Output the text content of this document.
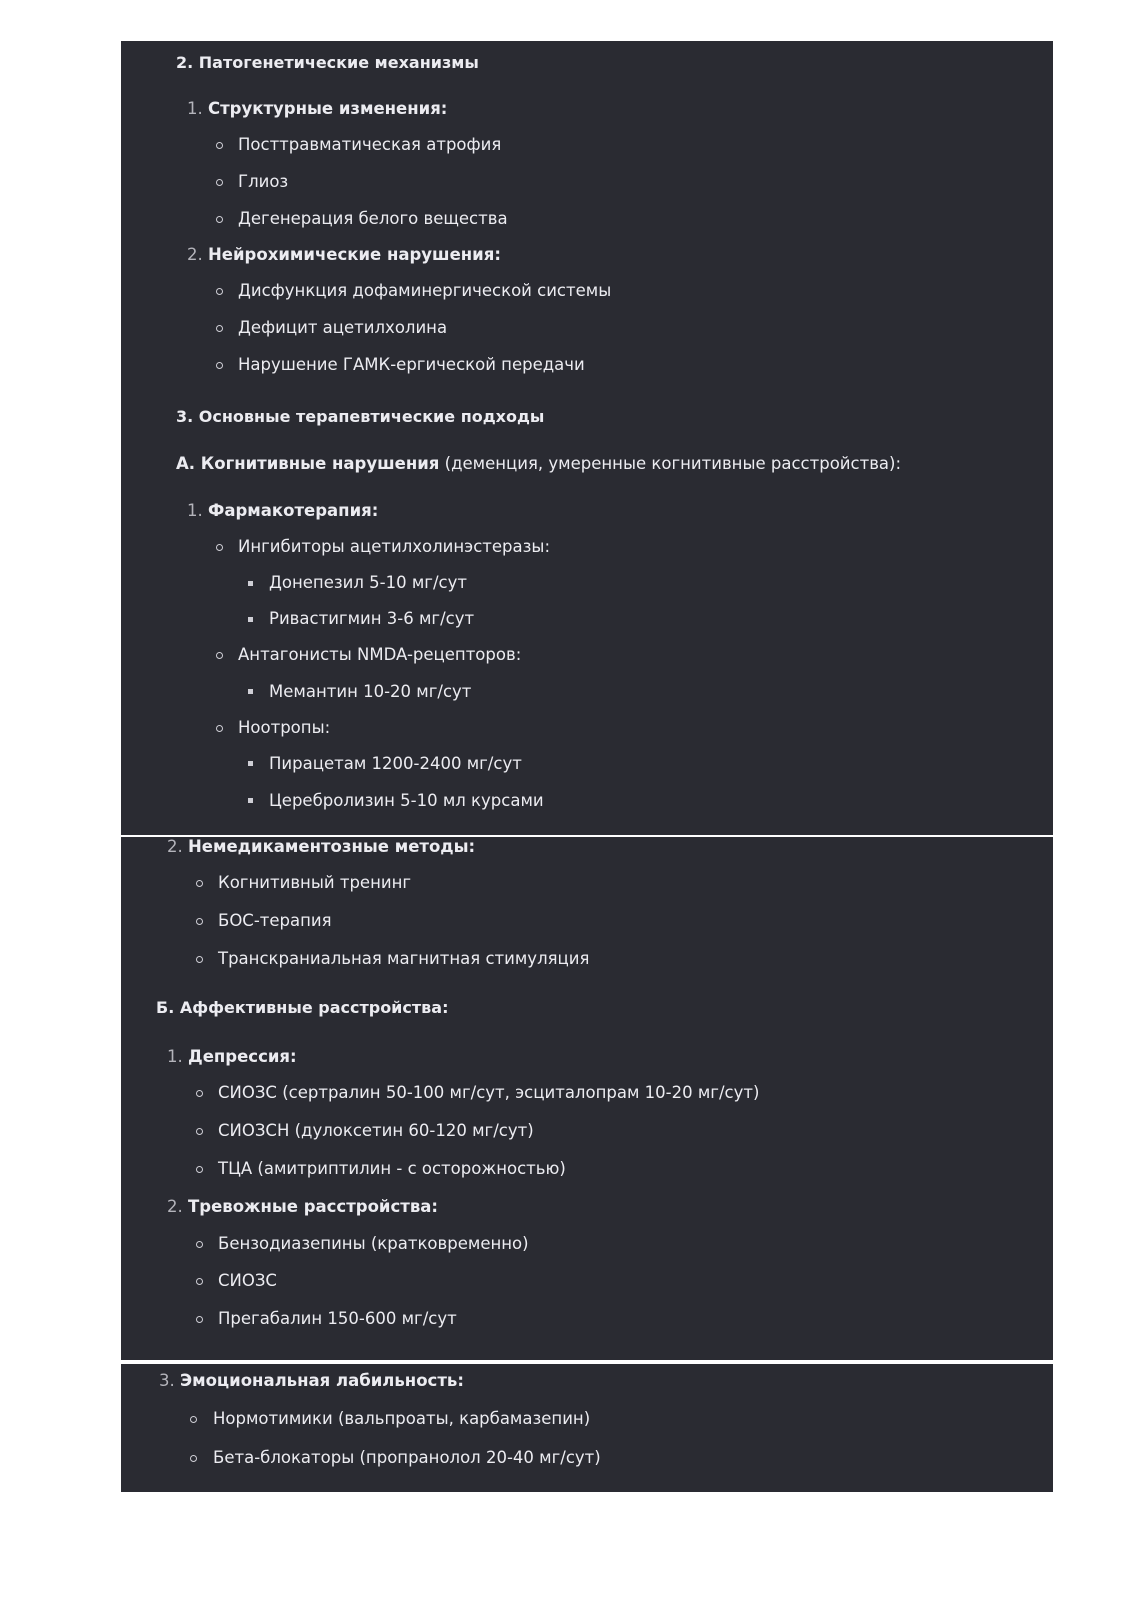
2. Патогенетические механизмы
1. Структурные изменения:
Посттравматическая атрофия
Глиоз
Дегенерация белого вещества
2. Нейрохимические нарушения:
Дисфункция дофаминергической системы
Дефицит ацетилхолина
Нарушение ГАМК-ергической передачи
3. Основные терапевтические подходы
А. Когнитивные нарушения (деменция, умеренные когнитивные расстройства):
1. Фармакотерапия:
Ингибиторы ацетилхолинэстеразы:
Донепезил 5-10 мг/сут
Ривастигмин 3-6 мг/сут
Антагонисты NMDA-рецепторов:
Мемантин 10-20 мг/сут
Ноотропы:
Пирацетам 1200-2400 мг/сут
Церебролизин 5-10 мл курсами
2. Немедикаментозные методы:
Когнитивный тренинг
БОС-терапия
Транскраниальная магнитная стимуляция
Б. Аффективные расстройства:
1. Депрессия:
СИОЗС (сертралин 50-100 мг/сут, эсциталопрам 10-20 мг/сут)
СИОЗСН (дулоксетин 60-120 мг/сут)
ТЦА (амитриптилин - с осторожностью)
2. Тревожные расстройства:
Бензодиазепины (кратковременно)
СИОЗС
Прегабалин 150-600 мг/сут
3. Эмоциональная лабильность:
Нормотимики (вальпроаты, карбамазепин)
Бета-блокаторы (пропранолол 20-40 мг/сут)
